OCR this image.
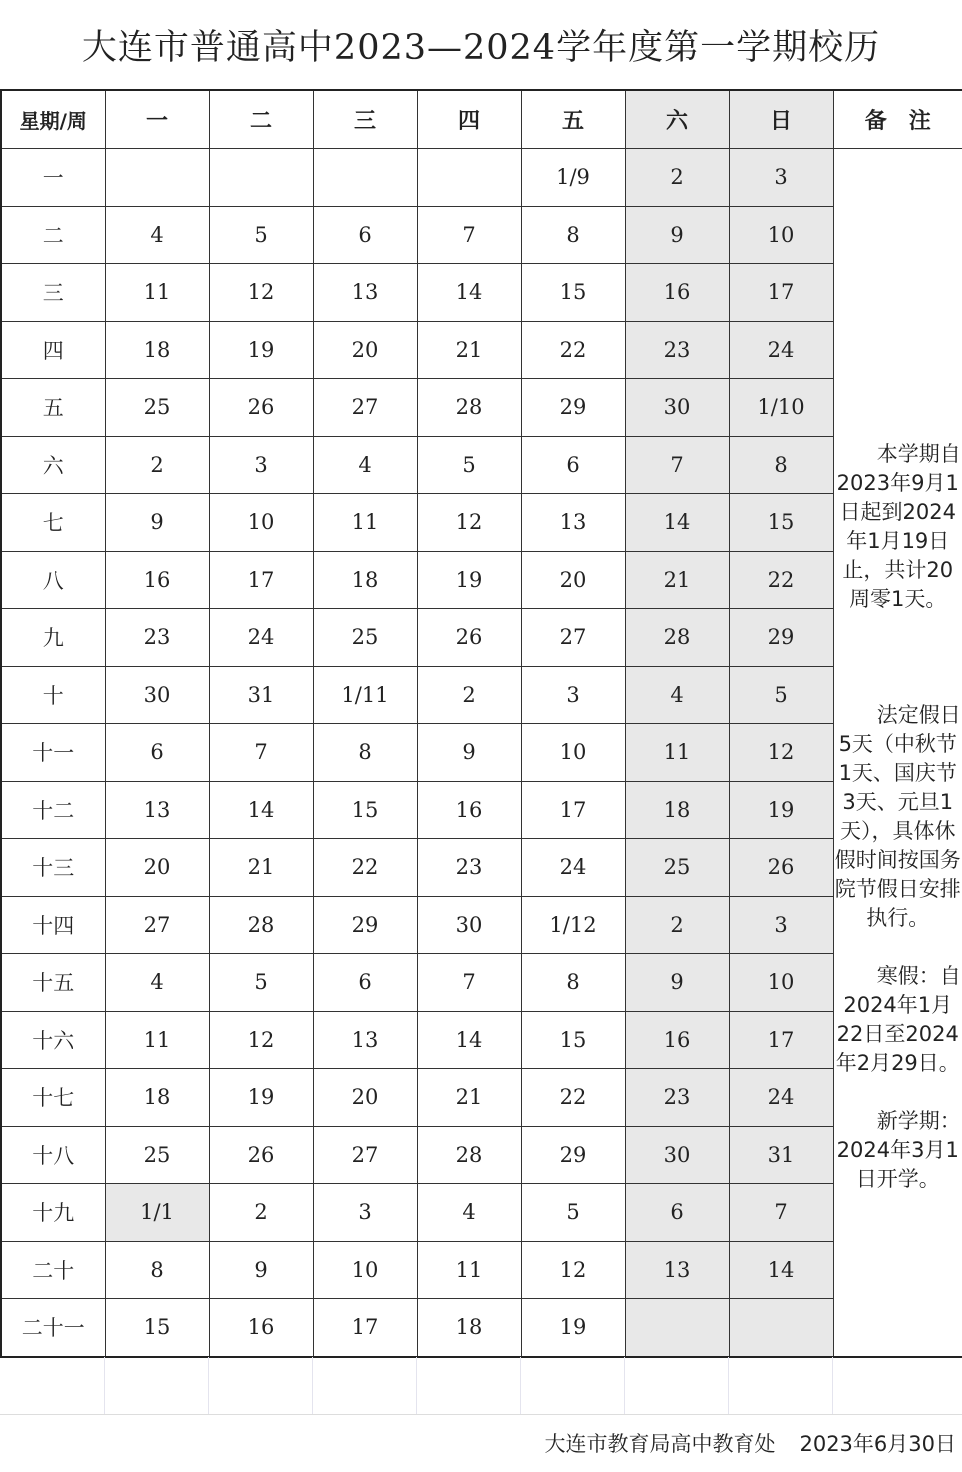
大连市普通高中2023—2024学年度第一学期校历
星期/周	一	二	三	四	五	六	日	备　注
一					1/9	2	3	本学期自2023年9月1日起到2024年1月19日止，共计20周零1天。

法定假日5天（中秋节1天、国庆节3天、元旦1天），具体休假时间按国务院节假日安排执行。

寒假：自2024年1月22日至2024年2月29日。

新学期：2024年3月1日开学。

二	4	5	6	7	8	9	10	
三	11	12	13	14	15	16	17	
四	18	19	20	21	22	23	24	
五	25	26	27	28	29	30	1/10	
六	2	3	4	5	6	7	8	
七	9	10	11	12	13	14	15	
八	16	17	18	19	20	21	22	
九	23	24	25	26	27	28	29	
十	30	31	1/11	2	3	4	5	
十一	6	7	8	9	10	11	12	
十二	13	14	15	16	17	18	19	
十三	20	21	22	23	24	25	26	
十四	27	28	29	30	1/12	2	3	
十五	4	5	6	7	8	9	10	
十六	11	12	13	14	15	16	17	
十七	18	19	20	21	22	23	24	
十八	25	26	27	28	29	30	31	
十九	1/1	2	3	4	5	6	7	
二十	8	9	10	11	12	13	14	
二十一	15	16	17	18	19			
大连市教育局高中教育处 2023年6月30日
